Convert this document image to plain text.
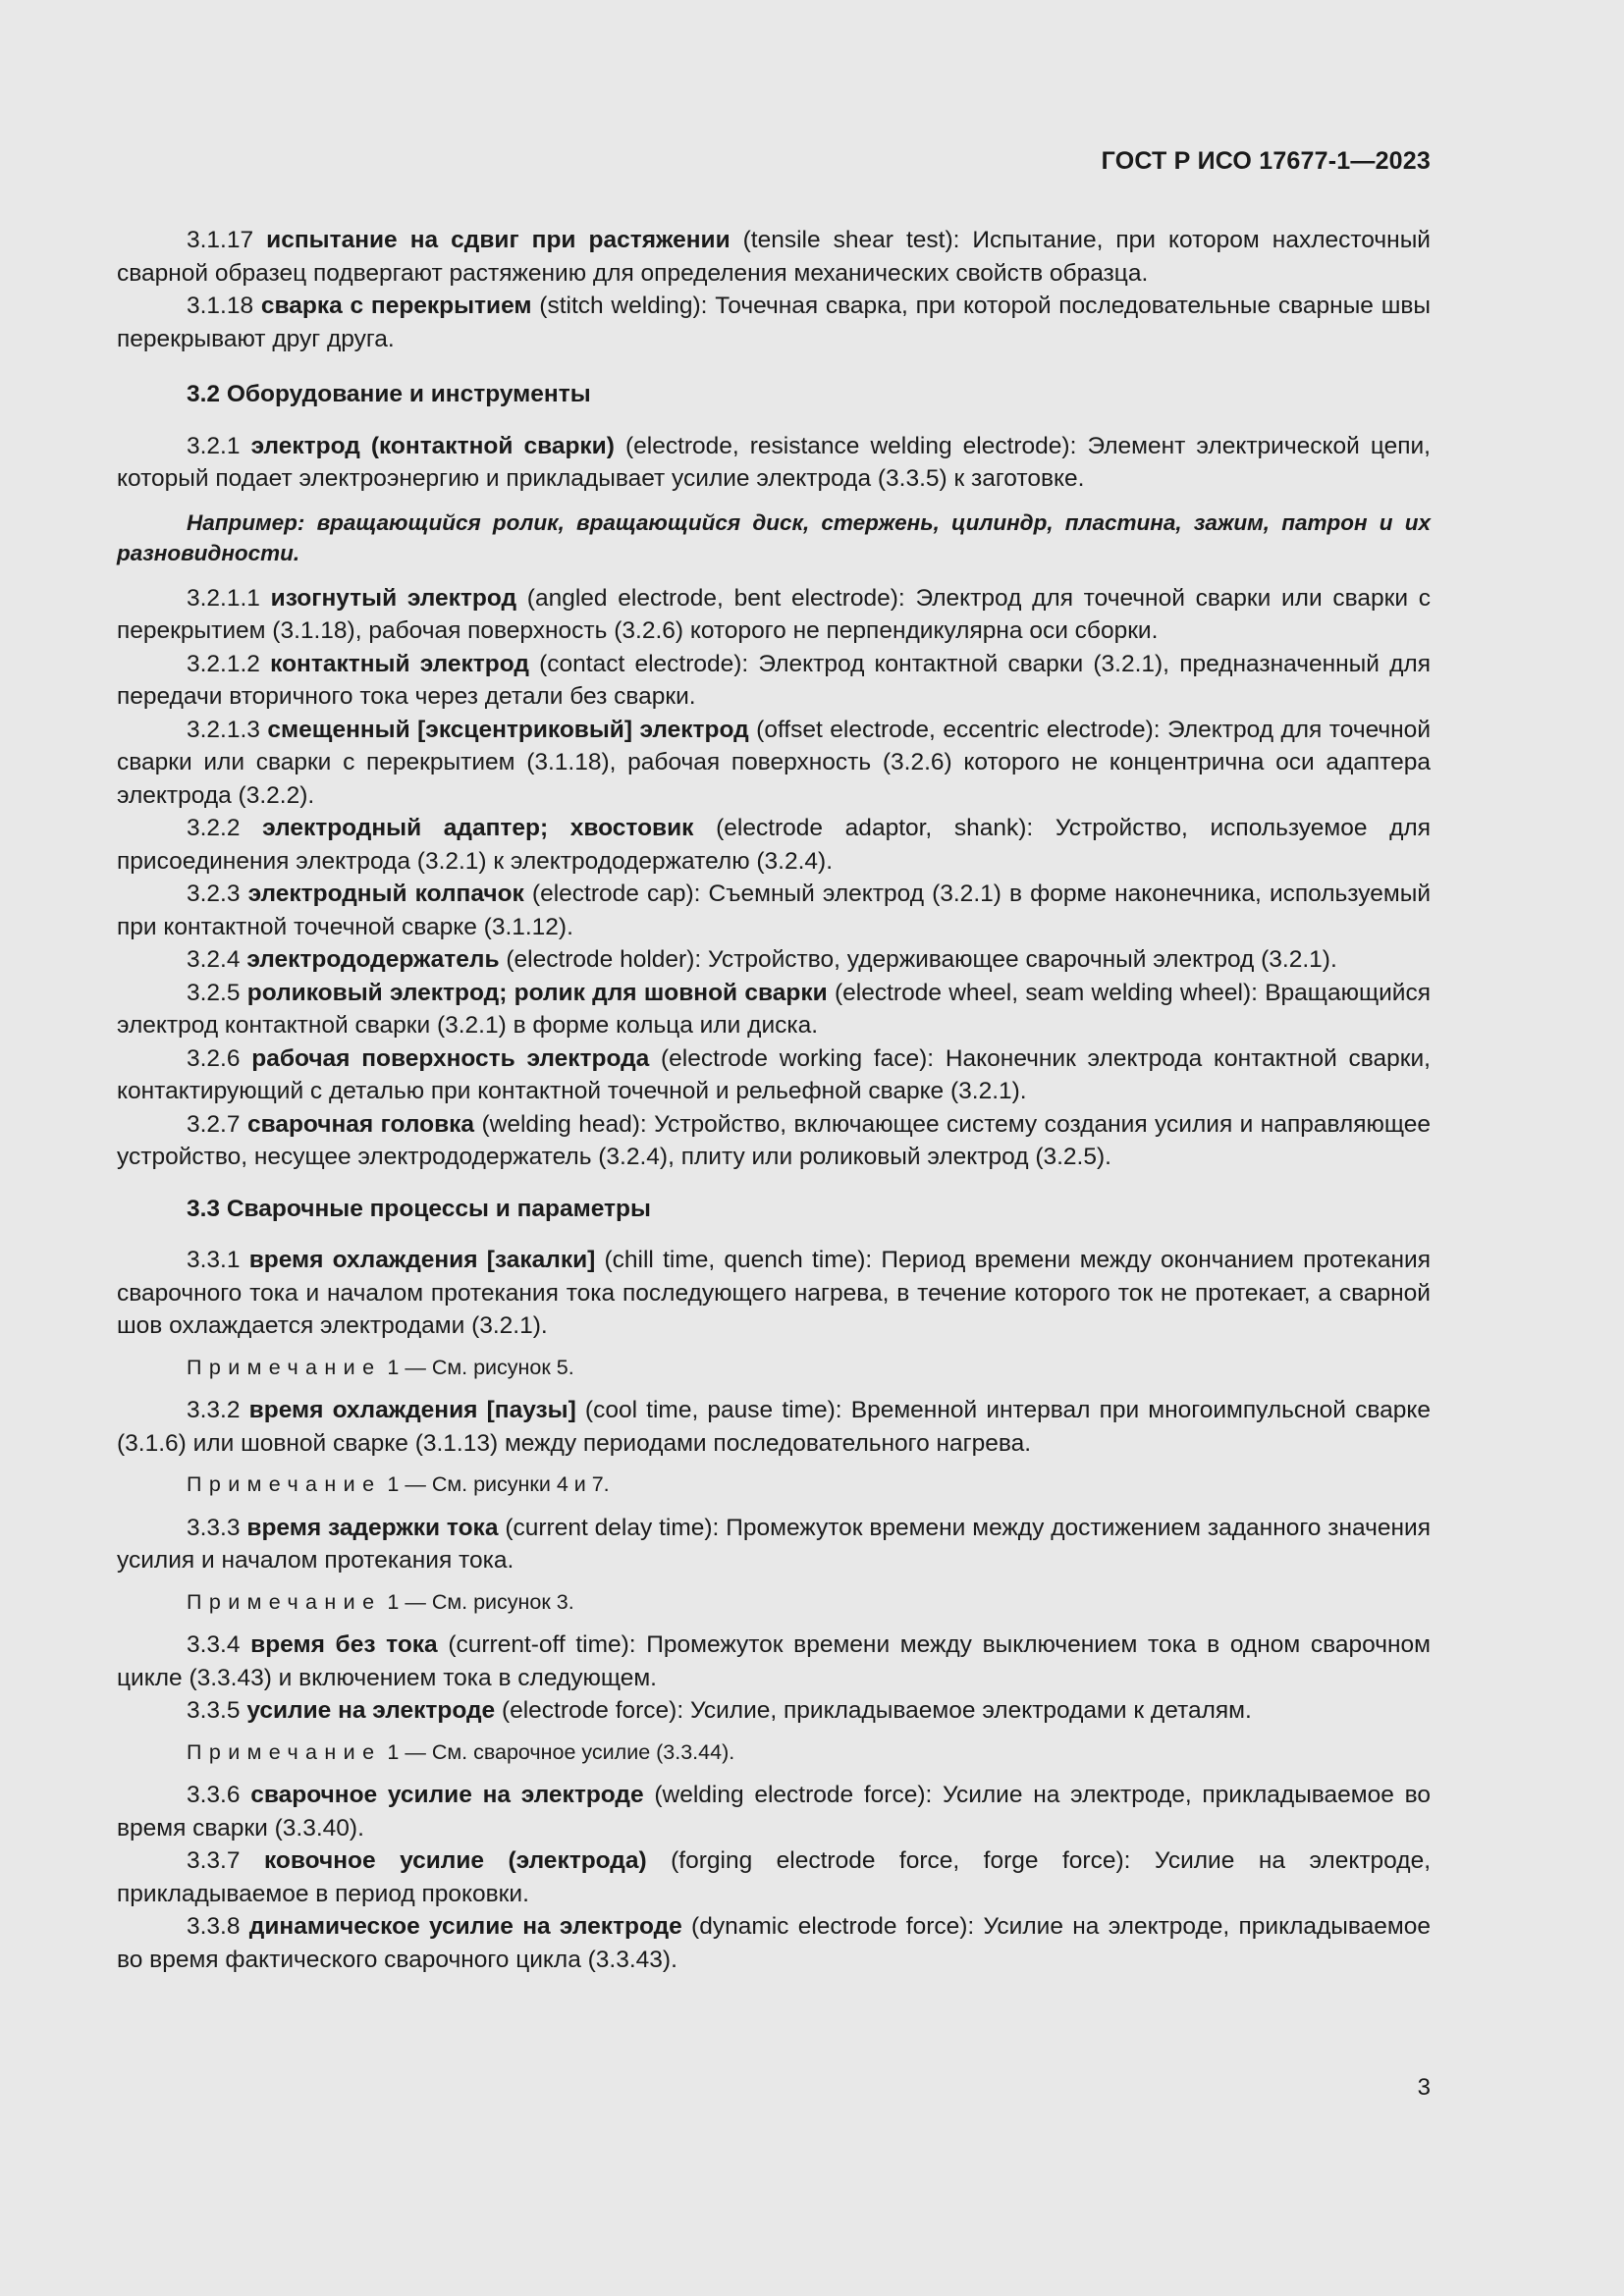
ГОСТ Р ИСО 17677-1—2023

3.1.17 испытание на сдвиг при растяжении (tensile shear test): Испытание, при котором нахлесточный сварной образец подвергают растяжению для определения механических свойств образца.

3.1.18 сварка с перекрытием (stitch welding): Точечная сварка, при которой последовательные сварные швы перекрывают друг друга.

3.2 Оборудование и инструменты

3.2.1 электрод (контактной сварки) (electrode, resistance welding electrode): Элемент электрической цепи, который подает электроэнергию и прикладывает усилие электрода (3.3.5) к заготовке.

Например: вращающийся ролик, вращающийся диск, стержень, цилиндр, пластина, зажим, патрон и их разновидности.

3.2.1.1 изогнутый электрод (angled electrode, bent electrode): Электрод для точечной сварки или сварки с перекрытием (3.1.18), рабочая поверхность (3.2.6) которого не перпендикулярна оси сборки.

3.2.1.2 контактный электрод (contact electrode): Электрод контактной сварки (3.2.1), предназначенный для передачи вторичного тока через детали без сварки.

3.2.1.3 смещенный [эксцентриковый] электрод (offset electrode, eccentric electrode): Электрод для точечной сварки или сварки с перекрытием (3.1.18), рабочая поверхность (3.2.6) которого не концентрична оси адаптера электрода (3.2.2).

3.2.2 электродный адаптер; хвостовик (electrode adaptor, shank): Устройство, используемое для присоединения электрода (3.2.1) к электрододержателю (3.2.4).

3.2.3 электродный колпачок (electrode cap): Съемный электрод (3.2.1) в форме наконечника, используемый при контактной точечной сварке (3.1.12).

3.2.4 электрододержатель (electrode holder): Устройство, удерживающее сварочный электрод (3.2.1).

3.2.5 роликовый электрод; ролик для шовной сварки (electrode wheel, seam welding wheel): Вращающийся электрод контактной сварки (3.2.1) в форме кольца или диска.

3.2.6 рабочая поверхность электрода (electrode working face): Наконечник электрода контактной сварки, контактирующий с деталью при контактной точечной и рельефной сварке (3.2.1).

3.2.7 сварочная головка (welding head): Устройство, включающее систему создания усилия и направляющее устройство, несущее электрододержатель (3.2.4), плиту или роликовый электрод (3.2.5).

3.3 Сварочные процессы и параметры

3.3.1 время охлаждения [закалки] (chill time, quench time): Период времени между окончанием протекания сварочного тока и началом протекания тока последующего нагрева, в течение которого ток не протекает, а сварной шов охлаждается электродами (3.2.1).

Примечание 1 — См. рисунок 5.

3.3.2 время охлаждения [паузы] (cool time, pause time): Временной интервал при многоимпульсной сварке (3.1.6) или шовной сварке (3.1.13) между периодами последовательного нагрева.

Примечание 1 — См. рисунки 4 и 7.

3.3.3 время задержки тока (current delay time): Промежуток времени между достижением заданного значения усилия и началом протекания тока.

Примечание 1 — См. рисунок 3.

3.3.4 время без тока (current-off time): Промежуток времени между выключением тока в одном сварочном цикле (3.3.43) и включением тока в следующем.

3.3.5 усилие на электроде (electrode force): Усилие, прикладываемое электродами к деталям.

Примечание 1 — См. сварочное усилие (3.3.44).

3.3.6 сварочное усилие на электроде (welding electrode force): Усилие на электроде, прикладываемое во время сварки (3.3.40).

3.3.7 ковочное усилие (электрода) (forging electrode force, forge force): Усилие на электроде, прикладываемое в период проковки.

3.3.8 динамическое усилие на электроде (dynamic electrode force): Усилие на электроде, прикладываемое во время фактического сварочного цикла (3.3.43).

3
